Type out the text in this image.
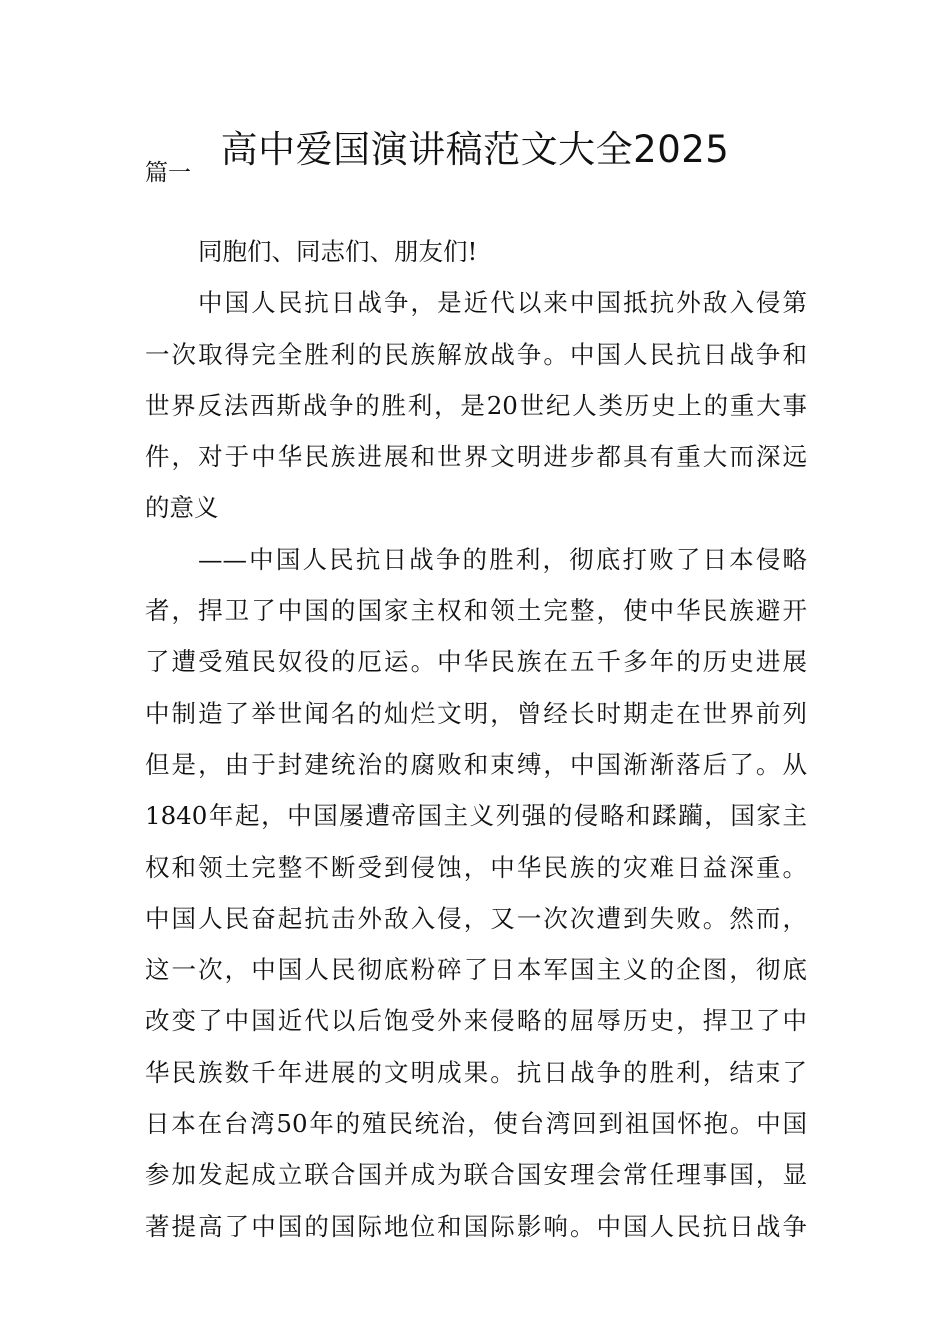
高中爱国演讲稿范文大全2025

篇一

同胞们、同志们、朋友们!

中国人民抗日战争，是近代以来中国抵抗外敌入侵第

一次取得完全胜利的民族解放战争。中国人民抗日战争和

世界反法西斯战争的胜利，是20世纪人类历史上的重大事

件，对于中华民族进展和世界文明进步都具有重大而深远

的意义

——中国人民抗日战争的胜利，彻底打败了日本侵略

者，捍卫了中国的国家主权和领土完整，使中华民族避开

了遭受殖民奴役的厄运。中华民族在五千多年的历史进展

中制造了举世闻名的灿烂文明，曾经长时期走在世界前列

但是，由于封建统治的腐败和束缚，中国渐渐落后了。从

1840年起，中国屡遭帝国主义列强的侵略和蹂躏，国家主

权和领土完整不断受到侵蚀，中华民族的灾难日益深重。

中国人民奋起抗击外敌入侵，又一次次遭到失败。然而，

这一次，中国人民彻底粉碎了日本军国主义的企图，彻底

改变了中国近代以后饱受外来侵略的屈辱历史，捍卫了中

华民族数千年进展的文明成果。抗日战争的胜利，结束了

日本在台湾50年的殖民统治，使台湾回到祖国怀抱。中国

参加发起成立联合国并成为联合国安理会常任理事国，显

著提高了中国的国际地位和国际影响。中国人民抗日战争
